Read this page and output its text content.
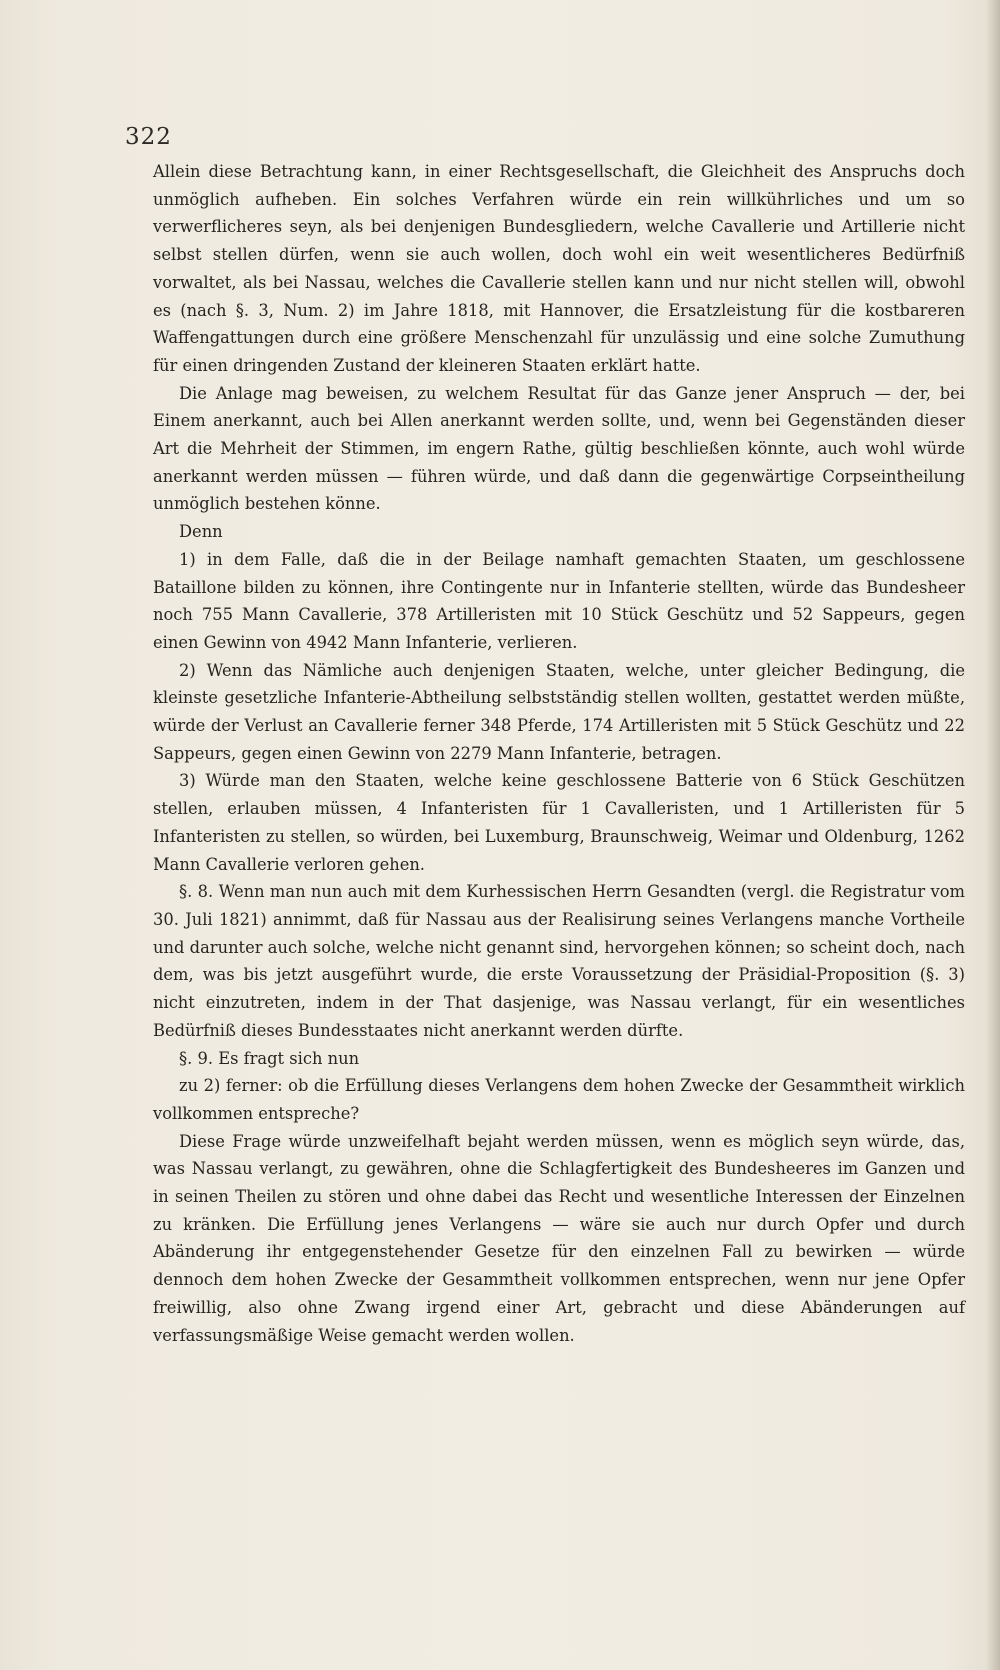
322

Allein diese Betrachtung kann, in einer Rechtsgesellschaft, die Gleichheit des Anspruchs doch unmöglich aufheben. Ein solches Verfahren würde ein rein willkührliches und um so verwerflicheres seyn, als bei denjenigen Bundesgliedern, welche Cavallerie und Artillerie nicht selbst stellen dürfen, wenn sie auch wollen, doch wohl ein weit wesentlicheres Bedürfniß vorwaltet, als bei Nassau, welches die Cavallerie stellen kann und nur nicht stellen will, obwohl es (nach §. 3, Num. 2) im Jahre 1818, mit Hannover, die Ersatzleistung für die kostbareren Waffengattungen durch eine größere Menschenzahl für unzulässig und eine solche Zumuthung für einen dringenden Zustand der kleineren Staaten erklärt hatte.

Die Anlage mag beweisen, zu welchem Resultat für das Ganze jener Anspruch — der, bei Einem anerkannt, auch bei Allen anerkannt werden sollte, und, wenn bei Gegenständen dieser Art die Mehrheit der Stimmen, im engern Rathe, gültig beschließen könnte, auch wohl würde anerkannt werden müssen — führen würde, und daß dann die gegenwärtige Corpseintheilung unmöglich bestehen könne.

Denn

1) in dem Falle, daß die in der Beilage namhaft gemachten Staaten, um geschlossene Bataillone bilden zu können, ihre Contingente nur in Infanterie stellten, würde das Bundesheer noch 755 Mann Cavallerie, 378 Artilleristen mit 10 Stück Geschütz und 52 Sappeurs, gegen einen Gewinn von 4942 Mann Infanterie, verlieren.

2) Wenn das Nämliche auch denjenigen Staaten, welche, unter gleicher Bedingung, die kleinste gesetzliche Infanterie-Abtheilung selbstständig stellen wollten, gestattet werden müßte, würde der Verlust an Cavallerie ferner 348 Pferde, 174 Artilleristen mit 5 Stück Geschütz und 22 Sappeurs, gegen einen Gewinn von 2279 Mann Infanterie, betragen.

3) Würde man den Staaten, welche keine geschlossene Batterie von 6 Stück Geschützen stellen, erlauben müssen, 4 Infanteristen für 1 Cavalleristen, und 1 Artilleristen für 5 Infanteristen zu stellen, so würden, bei Luxemburg, Braunschweig, Weimar und Oldenburg, 1262 Mann Cavallerie verloren gehen.

§. 8. Wenn man nun auch mit dem Kurhessischen Herrn Gesandten (vergl. die Registratur vom 30. Juli 1821) annimmt, daß für Nassau aus der Realisirung seines Verlangens manche Vortheile und darunter auch solche, welche nicht genannt sind, hervorgehen können; so scheint doch, nach dem, was bis jetzt ausgeführt wurde, die erste Voraussetzung der Präsidial-Proposition (§. 3) nicht einzutreten, indem in der That dasjenige, was Nassau verlangt, für ein wesentliches Bedürfniß dieses Bundesstaates nicht anerkannt werden dürfte.

§. 9. Es fragt sich nun

zu 2) ferner: ob die Erfüllung dieses Verlangens dem hohen Zwecke der Gesammtheit wirklich vollkommen entspreche?

Diese Frage würde unzweifelhaft bejaht werden müssen, wenn es möglich seyn würde, das, was Nassau verlangt, zu gewähren, ohne die Schlagfertigkeit des Bundesheeres im Ganzen und in seinen Theilen zu stören und ohne dabei das Recht und wesentliche Interessen der Einzelnen zu kränken. Die Erfüllung jenes Verlangens — wäre sie auch nur durch Opfer und durch Abänderung ihr entgegenstehender Gesetze für den einzelnen Fall zu bewirken — würde dennoch dem hohen Zwecke der Gesammtheit vollkommen entsprechen, wenn nur jene Opfer freiwillig, also ohne Zwang irgend einer Art, gebracht und diese Abänderungen auf verfassungsmäßige Weise gemacht werden wollen.
